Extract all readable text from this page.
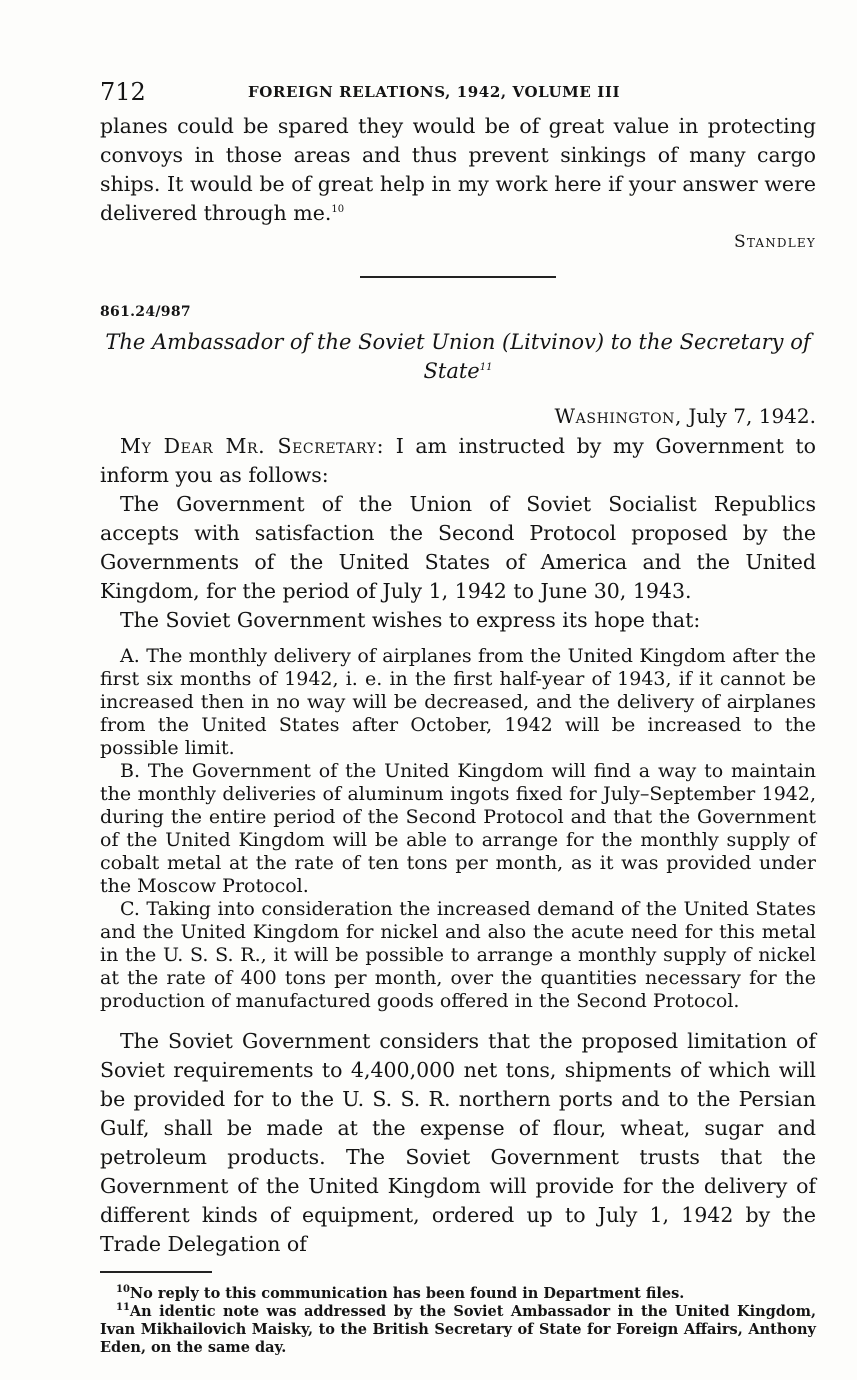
712	FOREIGN RELATIONS, 1942, VOLUME III

planes could be spared they would be of great value in protecting convoys in those areas and thus prevent sinkings of many cargo ships. It would be of great help in my work here if your answer were delivered through me.$^{10}$

Standley
861.24/987
The Ambassador of the Soviet Union (Litvinov) to the Secretary of State$^{11}$
Washington, July 7, 1942.

My Dear Mr. Secretary: I am instructed by my Government to inform you as follows:

The Government of the Union of Soviet Socialist Republics accepts with satisfaction the Second Protocol proposed by the Governments of the United States of America and the United Kingdom, for the period of July 1, 1942 to June 30, 1943.

The Soviet Government wishes to express its hope that:

A. The monthly delivery of airplanes from the United Kingdom after the first six months of 1942, i. e. in the first half-year of 1943, if it cannot be increased then in no way will be decreased, and the delivery of airplanes from the United States after October, 1942 will be increased to the possible limit.

B. The Government of the United Kingdom will find a way to maintain the monthly deliveries of aluminum ingots fixed for July–September 1942, during the entire period of the Second Protocol and that the Government of the United Kingdom will be able to arrange for the monthly supply of cobalt metal at the rate of ten tons per month, as it was provided under the Moscow Protocol.

C. Taking into consideration the increased demand of the United States and the United Kingdom for nickel and also the acute need for this metal in the U. S. S. R., it will be possible to arrange a monthly supply of nickel at the rate of 400 tons per month, over the quantities necessary for the production of manufactured goods offered in the Second Protocol.

The Soviet Government considers that the proposed limitation of Soviet requirements to 4,400,000 net tons, shipments of which will be provided for to the U. S. S. R. northern ports and to the Persian Gulf, shall be made at the expense of flour, wheat, sugar and petroleum products. The Soviet Government trusts that the Government of the United Kingdom will provide for the delivery of different kinds of equipment, ordered up to July 1, 1942 by the Trade Delegation of

$^{10}$No reply to this communication has been found in Department files.

$^{11}$An identic note was addressed by the Soviet Ambassador in the United Kingdom, Ivan Mikhailovich Maisky, to the British Secretary of State for Foreign Affairs, Anthony Eden, on the same day.
